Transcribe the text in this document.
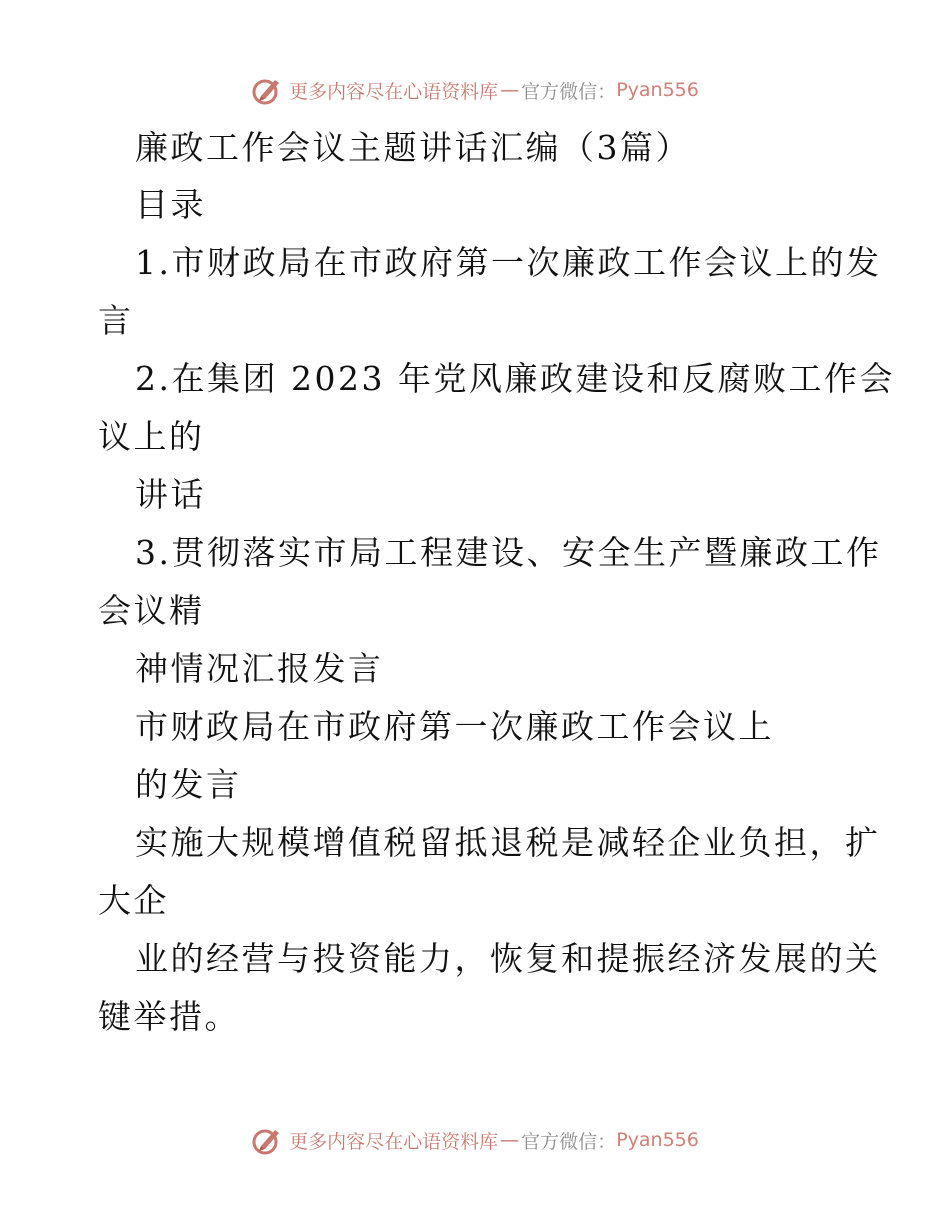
更多内容尽在心语资料库 — 官方微信： Pyan556
廉政工作会议主题讲话汇编（3篇）
目录
1.市财政局在市政府第一次廉政工作会议上的发
言
2.在集团 2023 年党风廉政建设和反腐败工作会
议上的
讲话
3.贯彻落实市局工程建设、安全生产暨廉政工作
会议精
神情况汇报发言
市财政局在市政府第一次廉政工作会议上
的发言
实施大规模增值税留抵退税是减轻企业负担，扩
大企
业的经营与投资能力，恢复和提振经济发展的关
键举措。
更多内容尽在心语资料库 — 官方微信： Pyan556
